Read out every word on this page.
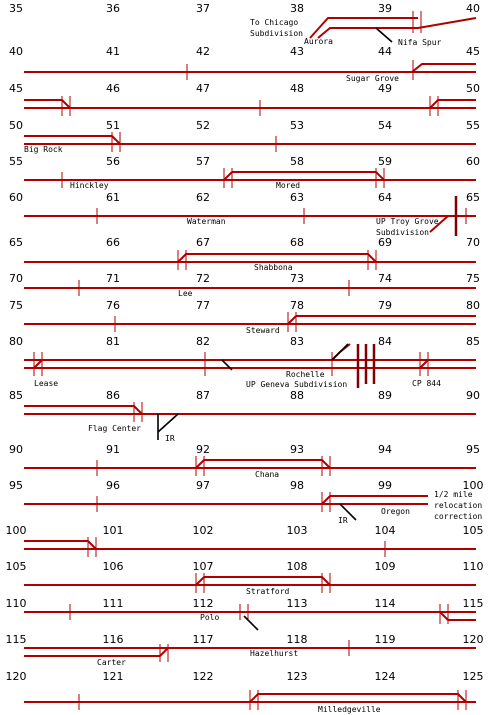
35	36	37	38	39	40
40	41	42	43	44	45
45	46	47	48	49	50
50	51	52	53	54	55
55	56	57	58	59	60
60	61	62	63	64	65
65	66	67	68	69	70
70	71	72	73	74	75
75	76	77	78	79	80
80	81	82	83	84	85
85	86	87	88	89	90
90	91	92	93	94	95
95	96	97	98	99	100
100	101	102	103	104	105
105	106	107	108	109	110
110	111	112	113	114	115
115	116	117	118	119	120
120	121	122	123	124	125
To Chicago
Subdivision
Aurora	Nifa Spur
Sugar Grove
Big Rock
Hinckley	Mored
Waterman	UP Troy Grove
Subdivision
Shabbona
Lee
Steward
Lease
Rochelle
UP Geneva Subdivision	CP 844
Flag Center
IR
Chana
IR
Oregon
1/2 mile
relocation
correction
Stratford
Polo
Hazelhurst
Carter
Milledgeville
